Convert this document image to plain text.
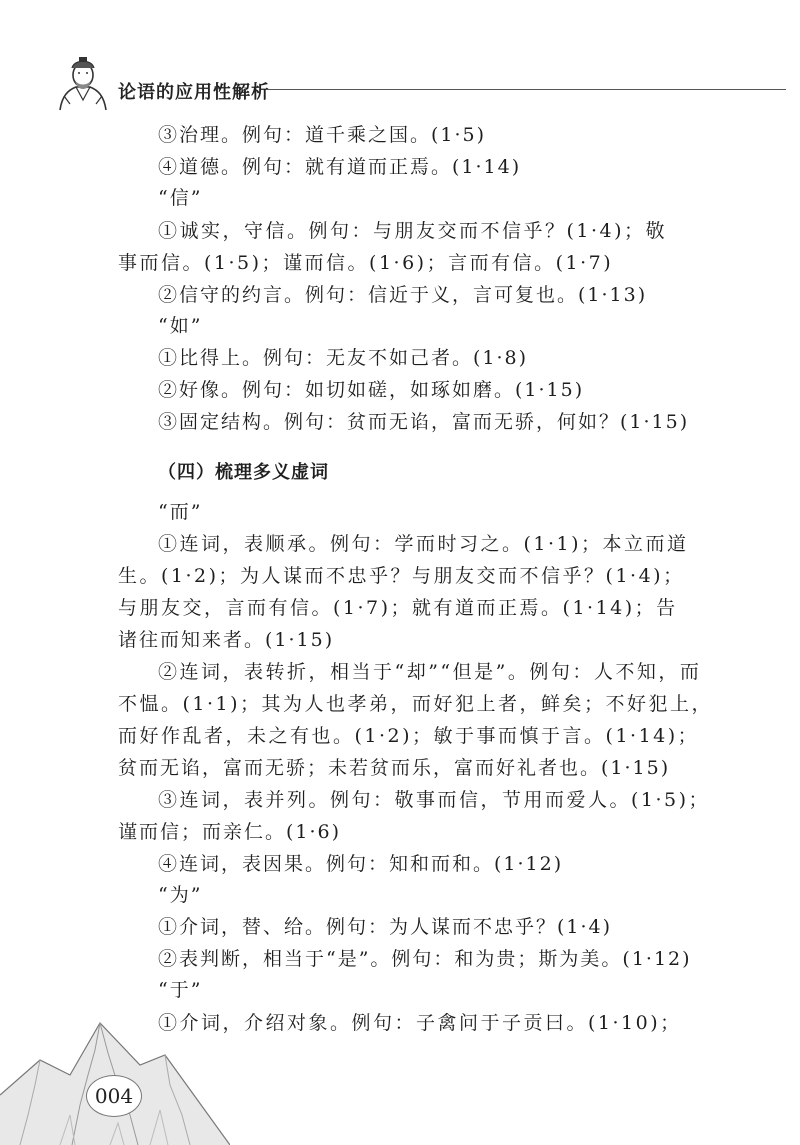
论语的应用性解析
③治理。例句：道千乘之国。(1·5)
④道德。例句：就有道而正焉。(1·14)
“信”
①诚实，守信。例句：与朋友交而不信乎？(1·4)；敬
事而信。(1·5)；谨而信。(1·6)；言而有信。(1·7)
②信守的约言。例句：信近于义，言可复也。(1·13)
“如”
①比得上。例句：无友不如己者。(1·8)
②好像。例句：如切如磋，如琢如磨。(1·15)
③固定结构。例句：贫而无谄，富而无骄，何如？(1·15)
（四）梳理多义虚词
“而”
①连词，表顺承。例句：学而时习之。(1·1)；本立而道
生。(1·2)；为人谋而不忠乎？与朋友交而不信乎？(1·4)；
与朋友交，言而有信。(1·7)；就有道而正焉。(1·14)；告
诸往而知来者。(1·15)
②连词，表转折，相当于“却”“但是”。例句：人不知，而
不愠。(1·1)；其为人也孝弟，而好犯上者，鲜矣；不好犯上，
而好作乱者，未之有也。(1·2)；敏于事而慎于言。(1·14)；
贫而无谄，富而无骄；未若贫而乐，富而好礼者也。(1·15)
③连词，表并列。例句：敬事而信，节用而爱人。(1·5)；
谨而信；而亲仁。(1·6)
④连词，表因果。例句：知和而和。(1·12)
“为”
①介词，替、给。例句：为人谋而不忠乎？(1·4)
②表判断，相当于“是”。例句：和为贵；斯为美。(1·12)
“于”
①介词，介绍对象。例句：子禽问于子贡曰。(1·10)；
004
